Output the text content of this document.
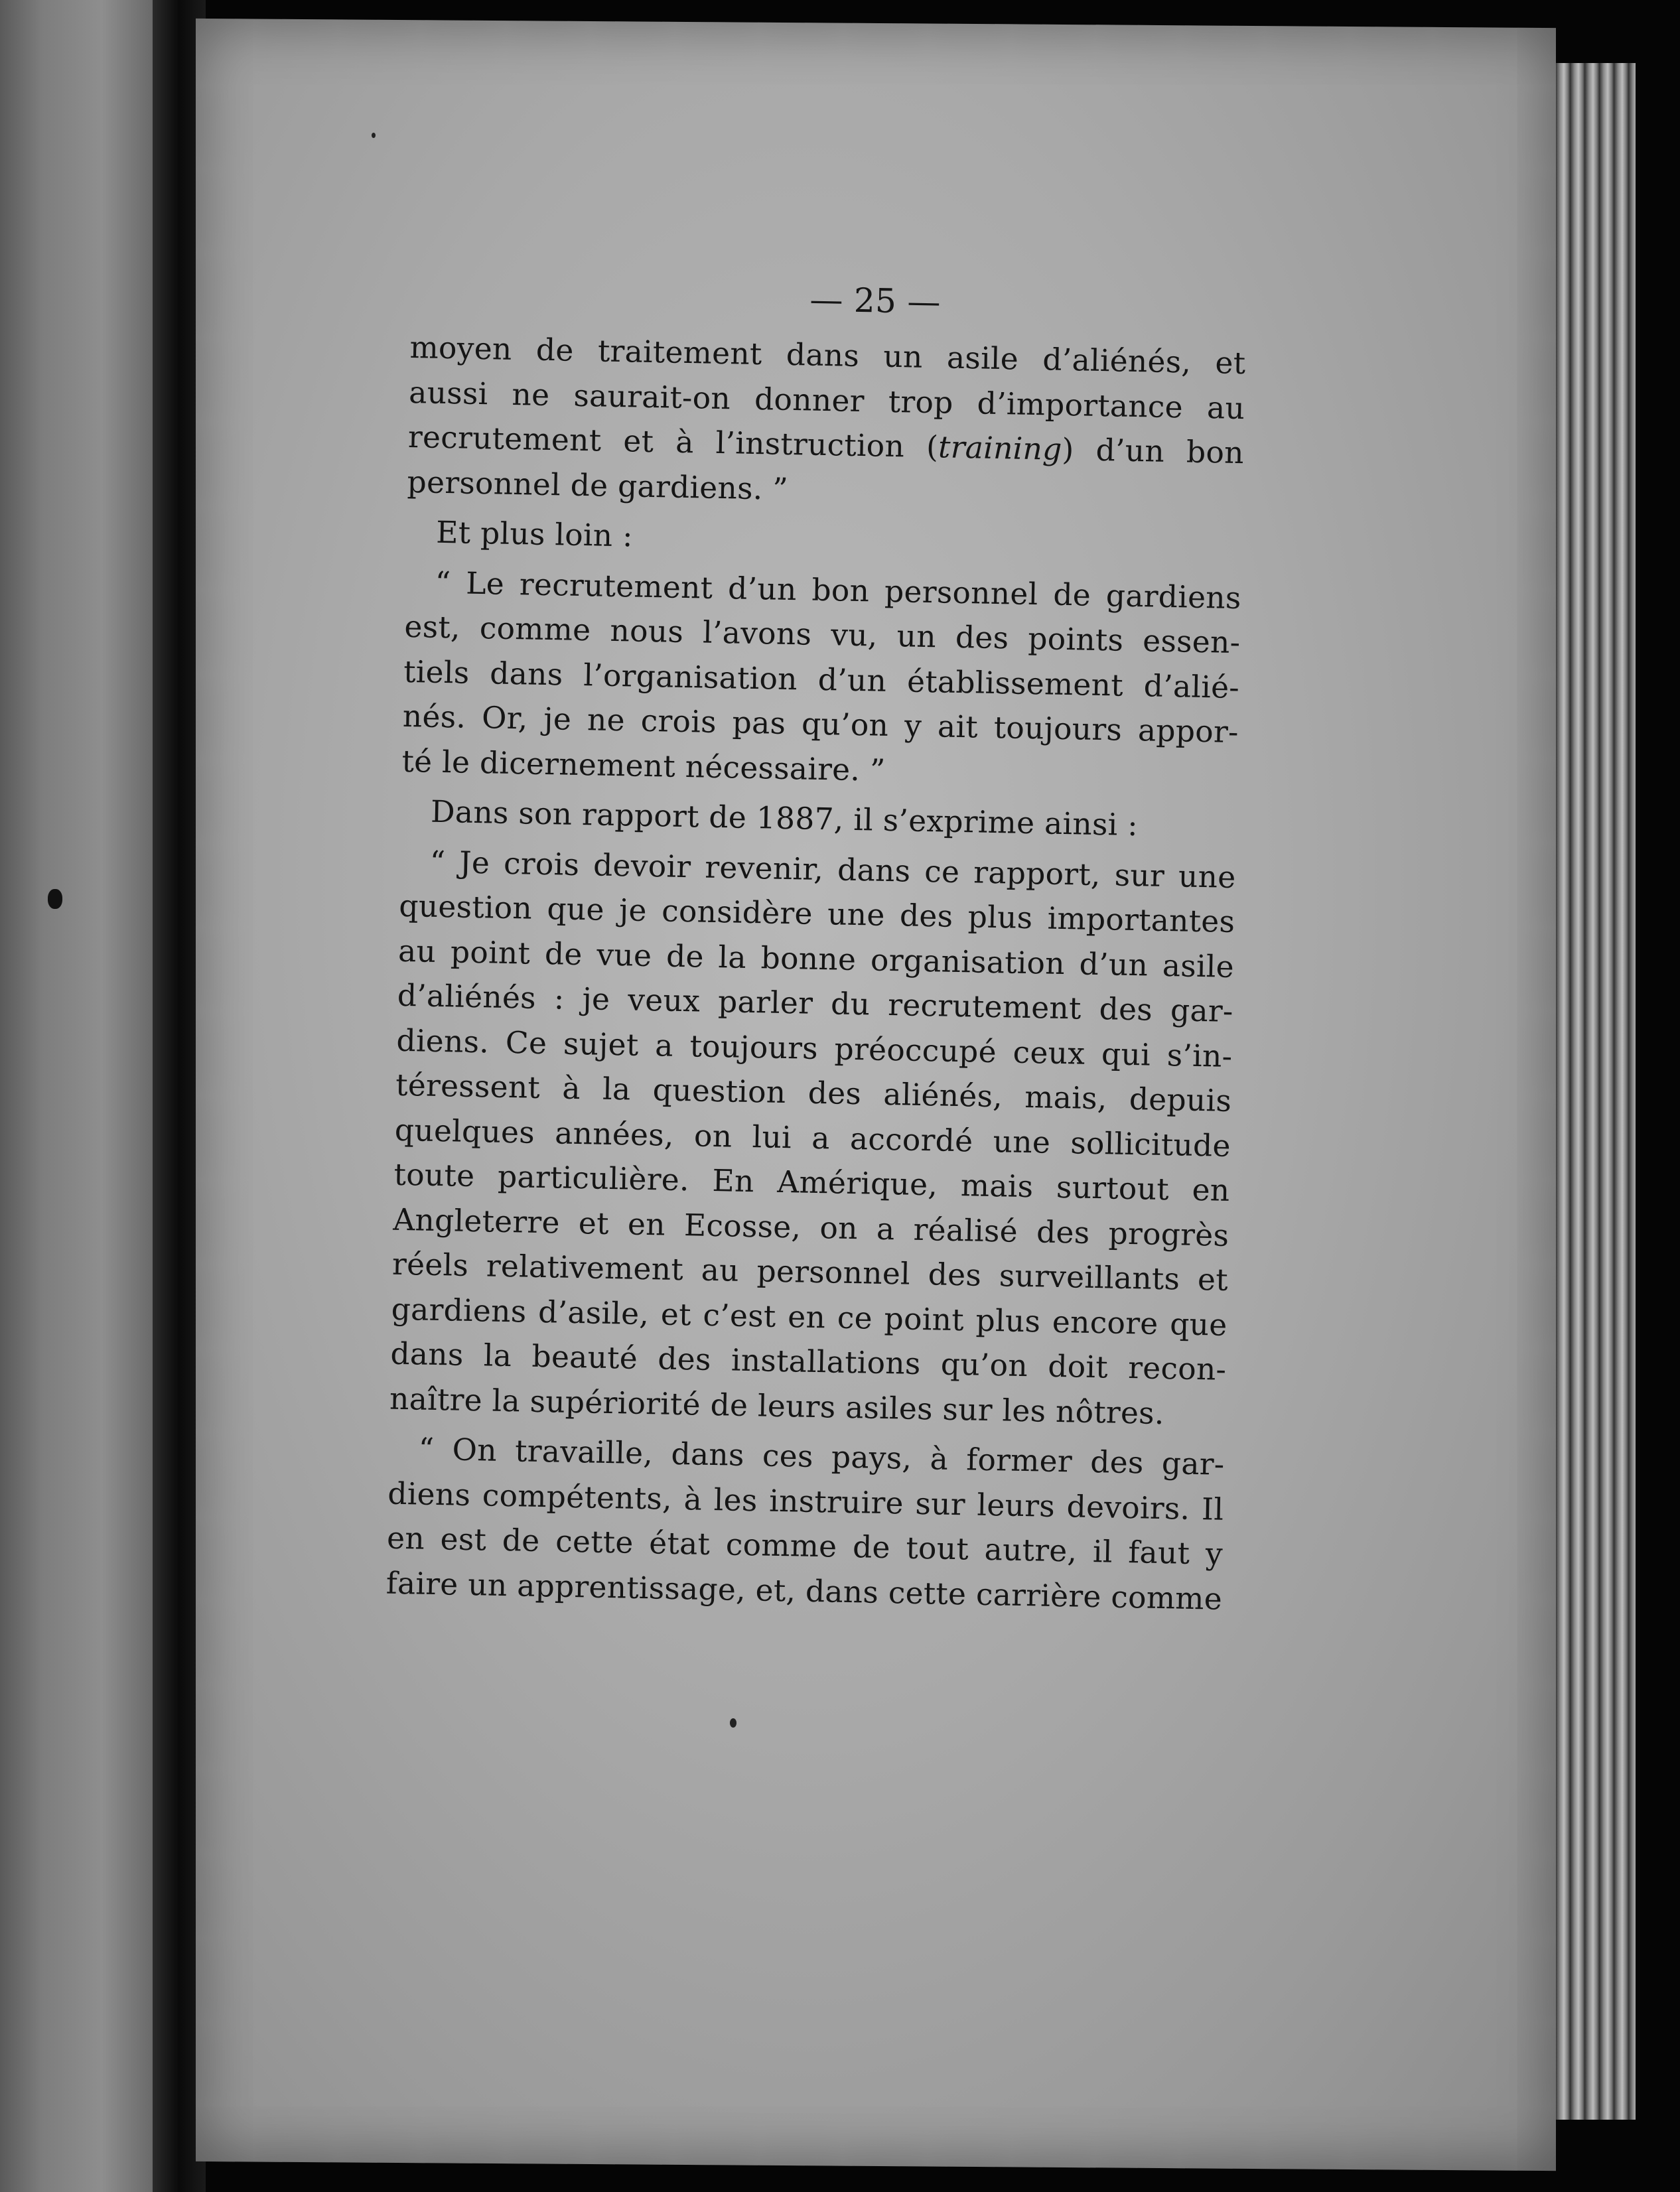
— 25 —
moyen de traitement dans un asile d’aliénés, et
aussi ne saurait-on donner trop d’importance au
recrutement et à l’instruction (training) d’un bon
personnel de gardiens. ”
Et plus loin :
“ Le recrutement d’un bon personnel de gardiens
est, comme nous l’avons vu, un des points essen-
tiels dans l’organisation d’un établissement d’alié-
nés. Or, je ne crois pas qu’on y ait toujours appor-
té le dicernement nécessaire. ”
Dans son rapport de 1887, il s’exprime ainsi :
“ Je crois devoir revenir, dans ce rapport, sur une
question que je considère une des plus importantes
au point de vue de la bonne organisation d’un asile
d’aliénés : je veux parler du recrutement des gar-
diens. Ce sujet a toujours préoccupé ceux qui s’in-
téressent à la question des aliénés, mais, depuis
quelques années, on lui a accordé une sollicitude
toute particulière. En Amérique, mais surtout en
Angleterre et en Ecosse, on a réalisé des progrès
réels relativement au personnel des surveillants et
gardiens d’asile, et c’est en ce point plus encore que
dans la beauté des installations qu’on doit recon-
naître la supériorité de leurs asiles sur les nôtres.
“ On travaille, dans ces pays, à former des gar-
diens compétents, à les instruire sur leurs devoirs. Il
en est de cette état comme de tout autre, il faut y
faire un apprentissage, et, dans cette carrière comme
